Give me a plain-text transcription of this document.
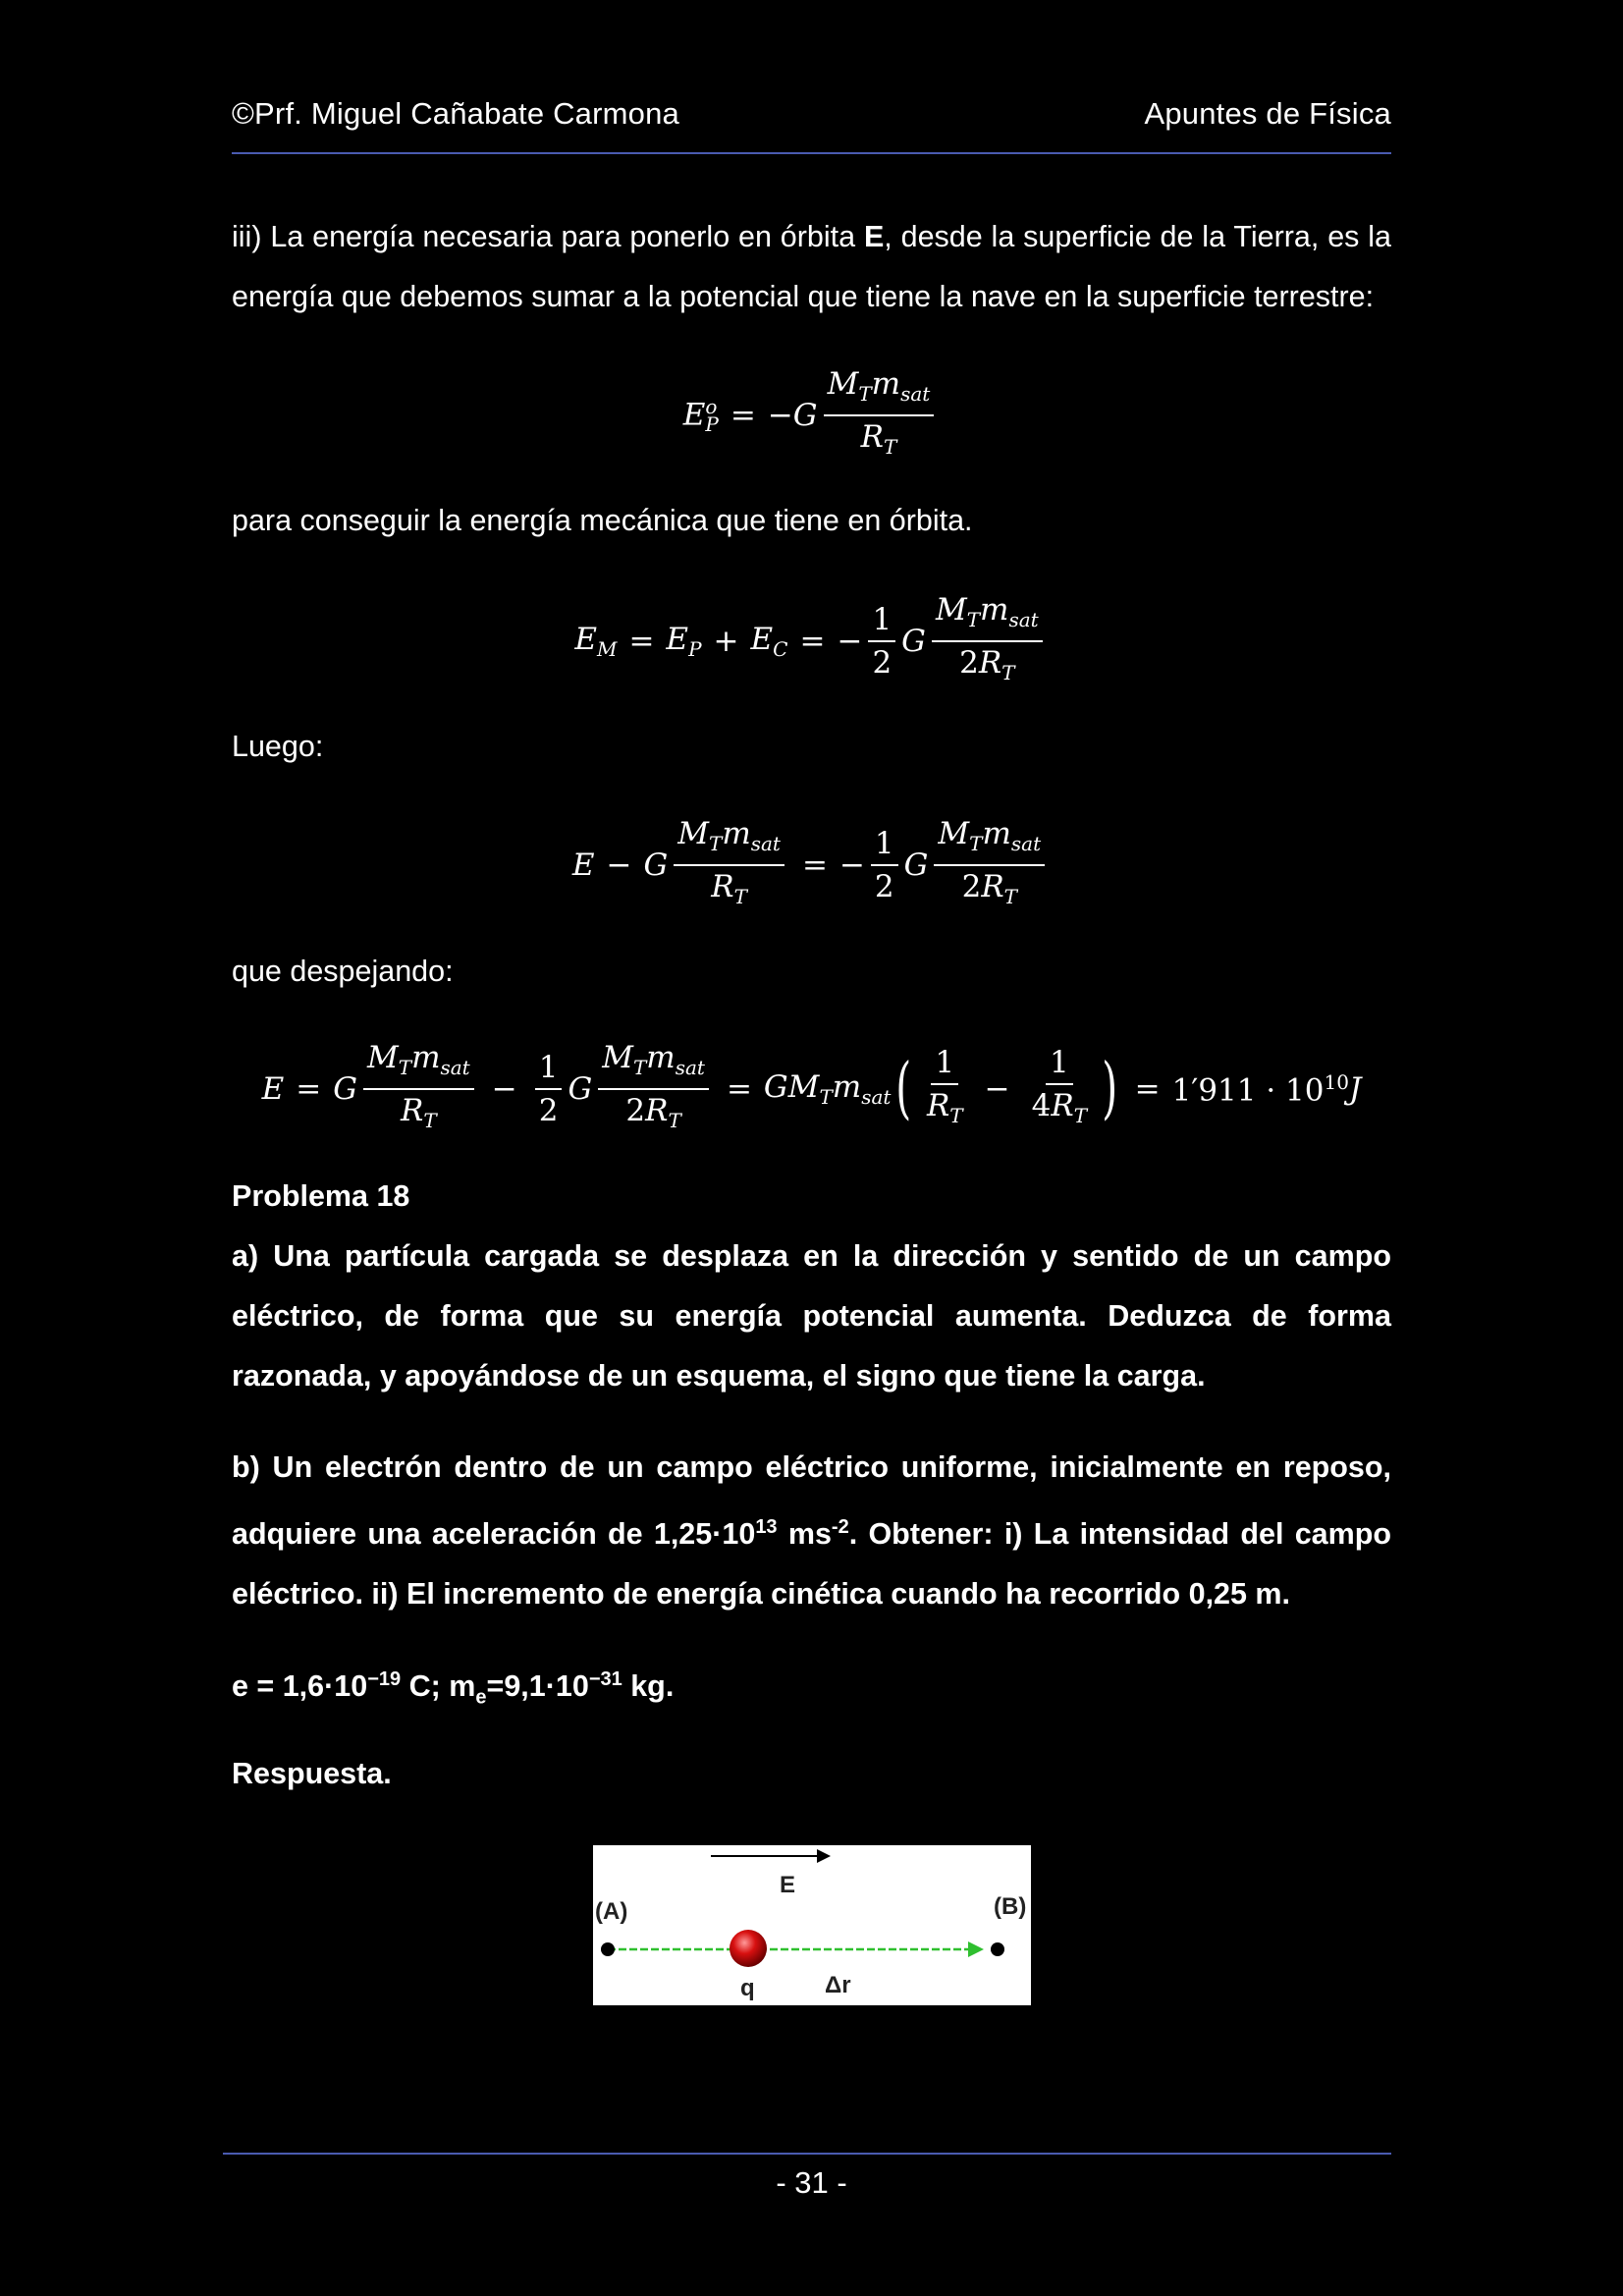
©Prf. Miguel Cañabate Carmona	Apuntes de Física
iii) La energía necesaria para ponerlo en órbita E, desde la superficie de la Tierra, es la energía que debemos sumar a la potencial que tiene la nave en la superficie terrestre:
$E^o_P = -G \frac{M_Tm_{sat}}{R_T}$
para conseguir la energía mecánica que tiene en órbita.
$E_M = E_P + E_C$ = − $\frac{1}{2}$ G $\frac{M_Tm_{sat}}{2R_T}$
Luego:
E − G $\frac{M_Tm_{sat}}{R_T}$ = − $\frac{1}{2}$ G $\frac{M_Tm_{sat}}{2R_T}$
que despejando:
E = G $\frac{M_Tm_{sat}}{R_T} - \frac{1}{2}$ G $\frac{M_Tm_{sat}}{2R_T} = GM_Tm_{sat}$ ( $\frac{1}{R_T} - \frac{1}{4R_T}$ ) = $1'911 \cdot 10^{10}$ J
Problema 18
a) Una partícula cargada se desplaza en la dirección y sentido de un campo eléctrico, de forma que su energía potencial aumenta. Deduzca de forma razonada, y apoyándose de un esquema, el signo que tiene la carga.
b) Un electrón dentro de un campo eléctrico uniforme, inicialmente en reposo, adquiere una aceleración de $1,25\cdot 10^{13}$ $ms^{-2}$. Obtener: i) La intensidad del campo eléctrico. ii) El incremento de energía cinética cuando ha recorrido 0,25 m.
$e = 1,6\cdot 10^{-19}$ C; $m_e=9,1\cdot 10^{-31}$ kg.
Respuesta.
E
(A)	(B)
q	Δr
- 31 -
